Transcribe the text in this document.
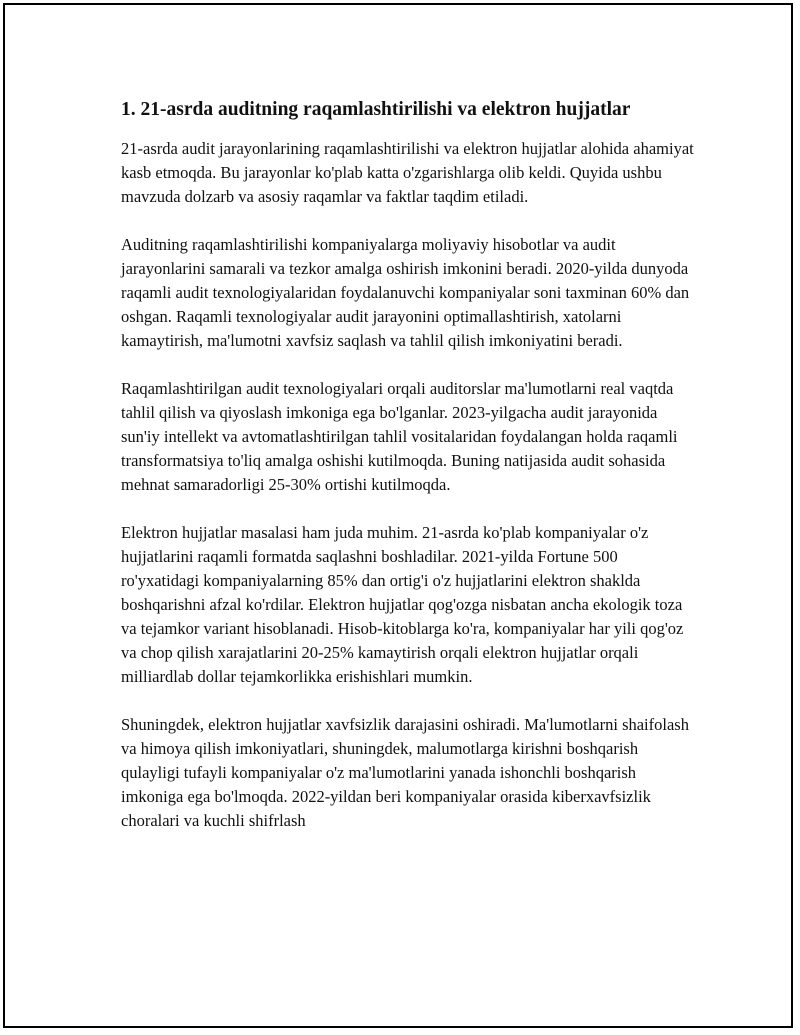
1. 21-asrda auditning raqamlashtirilishi va elektron hujjatlar

21-asrda audit jarayonlarining raqamlashtirilishi va elektron hujjatlar alohida ahamiyat kasb etmoqda. Bu jarayonlar ko'plab katta o'zgarishlarga olib keldi. Quyida ushbu mavzuda dolzarb va asosiy raqamlar va faktlar taqdim etiladi.

Auditning raqamlashtirilishi kompaniyalarga moliyaviy hisobotlar va audit jarayonlarini samarali va tezkor amalga oshirish imkonini beradi. 2020-yilda dunyoda raqamli audit texnologiyalaridan foydalanuvchi kompaniyalar soni taxminan 60% dan oshgan. Raqamli texnologiyalar audit jarayonini optimallashtirish, xatolarni kamaytirish, ma'lumotni xavfsiz saqlash va tahlil qilish imkoniyatini beradi.

Raqamlashtirilgan audit texnologiyalari orqali auditorslar ma'lumotlarni real vaqtda tahlil qilish va qiyoslash imkoniga ega bo'lganlar. 2023-yilgacha audit jarayonida sun'iy intellekt va avtomatlashtirilgan tahlil vositalaridan foydalangan holda raqamli transformatsiya to'liq amalga oshishi kutilmoqda. Buning natijasida audit sohasida mehnat samaradorligi 25-30% ortishi kutilmoqda.

Elektron hujjatlar masalasi ham juda muhim. 21-asrda ko'plab kompaniyalar o'z hujjatlarini raqamli formatda saqlashni boshladilar. 2021-yilda Fortune 500 ro'yxatidagi kompaniyalarning 85% dan ortig'i o'z hujjatlarini elektron shaklda boshqarishni afzal ko'rdilar. Elektron hujjatlar qog'ozga nisbatan ancha ekologik toza va tejamkor variant hisoblanadi. Hisob-kitoblarga ko'ra, kompaniyalar har yili qog'oz va chop qilish xarajatlarini 20-25% kamaytirish orqali elektron hujjatlar orqali milliardlab dollar tejamkorlikka erishishlari mumkin.

Shuningdek, elektron hujjatlar xavfsizlik darajasini oshiradi. Ma'lumotlarni shaifolash va himoya qilish imkoniyatlari, shuningdek, malumotlarga kirishni boshqarish qulayligi tufayli kompaniyalar o'z ma'lumotlarini yanada ishonchli boshqarish imkoniga ega bo'lmoqda. 2022-yildan beri kompaniyalar orasida kiberxavfsizlik choralari va kuchli shifrlash
